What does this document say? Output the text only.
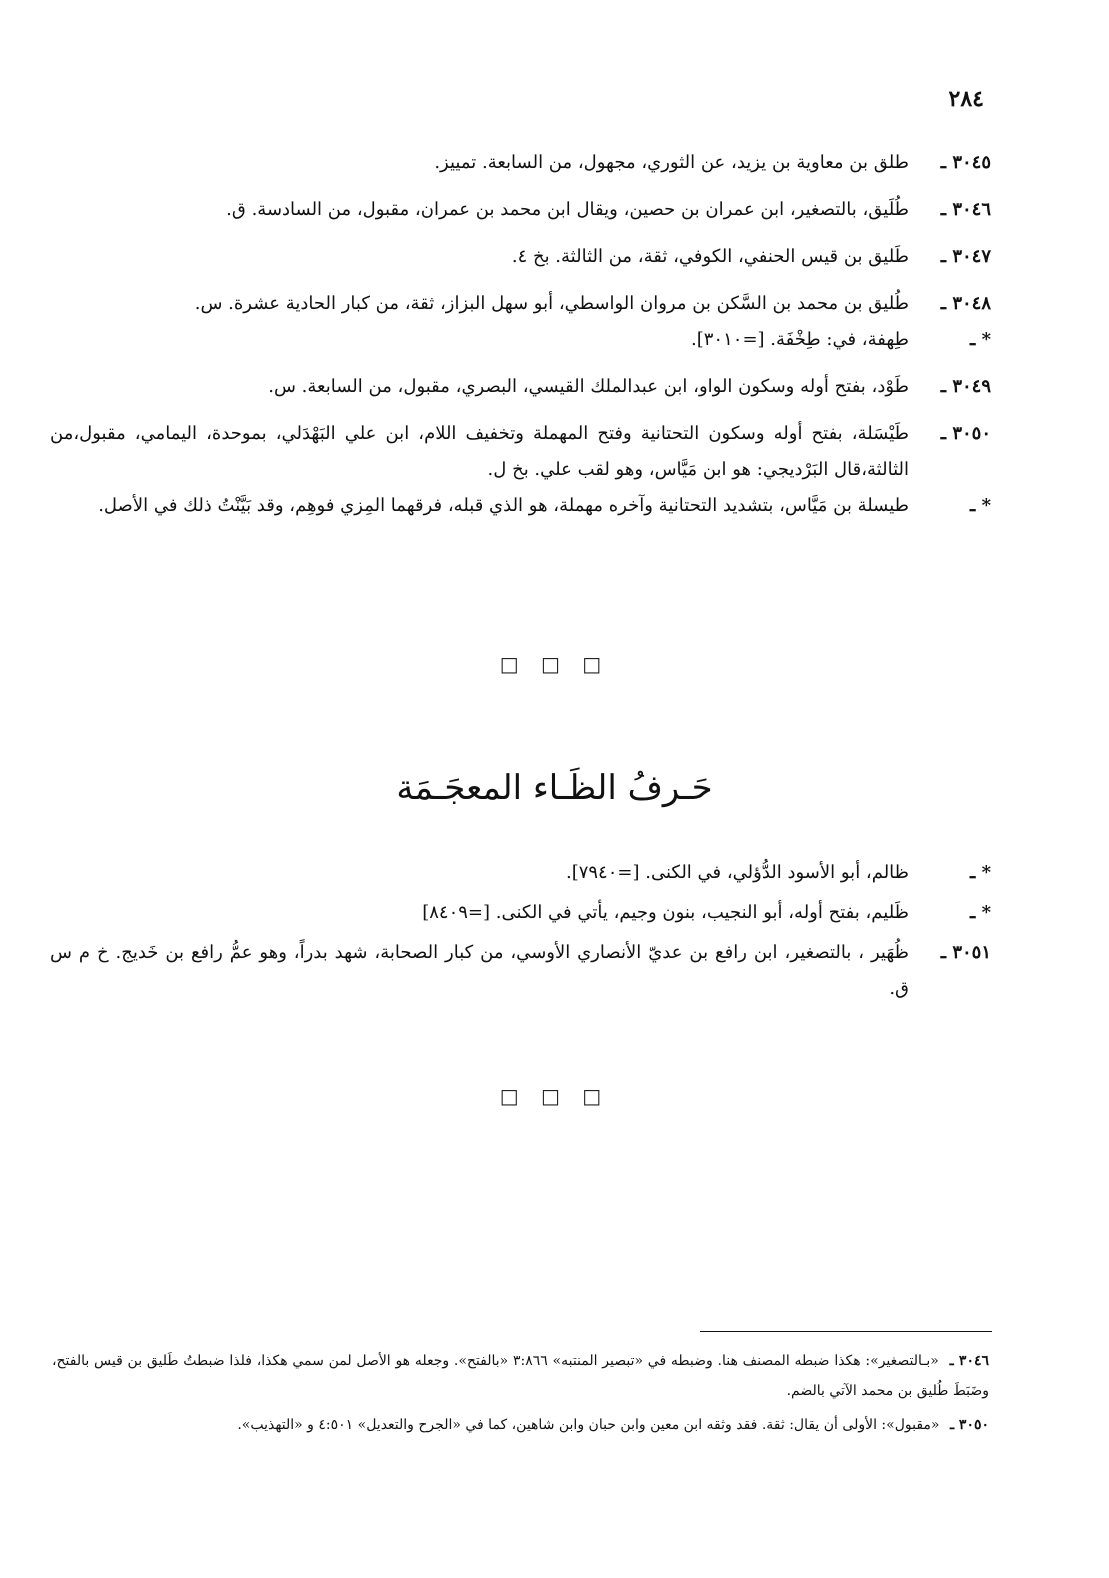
٢٨٤
٣٠٤٥ ـ
طلق بن معاوية بن يزيد، عن الثوري، مجهول، من السابعة. تمييز.
٣٠٤٦ ـ
طُلَيق، بالتصغير، ابن عمران بن حصين، ويقال ابن محمد بن عمران، مقبول، من السادسة. ق.
٣٠٤٧ ـ
طَليق بن قيس الحنفي، الكوفي، ثقة، من الثالثة. بخ ٤.
٣٠٤٨ ـ
طُليق بن محمد بن السَّكن بن مروان الواسطي، أبو سهل البزاز، ثقة، من كبار الحادية عشرة. س.
* ـ
طِهفة، في: طِخْفَة. [=٣٠١٠].
٣٠٤٩ ـ
طَوْد، بفتح أوله وسكون الواو، ابن عبدالملك القيسي، البصري، مقبول، من السابعة. س.
٣٠٥٠ ـ
طَيْسَلة، بفتح أوله وسكون التحتانية وفتح المهملة وتخفيف اللام، ابن علي البَهْدَلي، بموحدة، اليمامي، مقبول،من الثالثة،قال البَرْديجي: هو ابن مَيَّاس، وهو لقب علي. بخ ل.
* ـ
طيسلة بن مَيَّاس، بتشديد التحتانية وآخره مهملة، هو الذي قبله، فرقهما المِزي فوهِم، وقد بَيَّنْتُ ذلك في الأصل.
□ □ □
حَـرفُ الظَـاء المعجَـمَة
* ـ
ظالم، أبو الأسود الدُّؤلي، في الكنى. [=٧٩٤٠].
* ـ
ظَليم، بفتح أوله، أبو النجيب، بنون وجيم، يأتي في الكنى. [=٨٤٠٩]
٣٠٥١ ـ
ظُهَير ، بالتصغير، ابن رافع بن عديّ الأنصاري الأوسي، من كبار الصحابة، شهد بدراً، وهو عمُّ رافع بن خَديج. خ م س ق.
□ □ □
٣٠٤٦ ـ «بـالتصغير»: هكذا ضبطه المصنف هنا. وضبطه في «تبصير المنتبه» ٣:٨٦٦ «بالفتح». وجعله هو الأصل لمن سمي هكذا، فلذا ضبطتُ طَليق بن قيس بالفتح، وضَبَطَ طُليق بن محمد الآتي بالضم.
٣٠٥٠ ـ «مقبول»: الأولى أن يقال: ثقة. فقد وثقه ابن معين وابن حبان وابن شاهين، كما في «الجرح والتعديل» ٤:٥٠١ و «التهذيب».
